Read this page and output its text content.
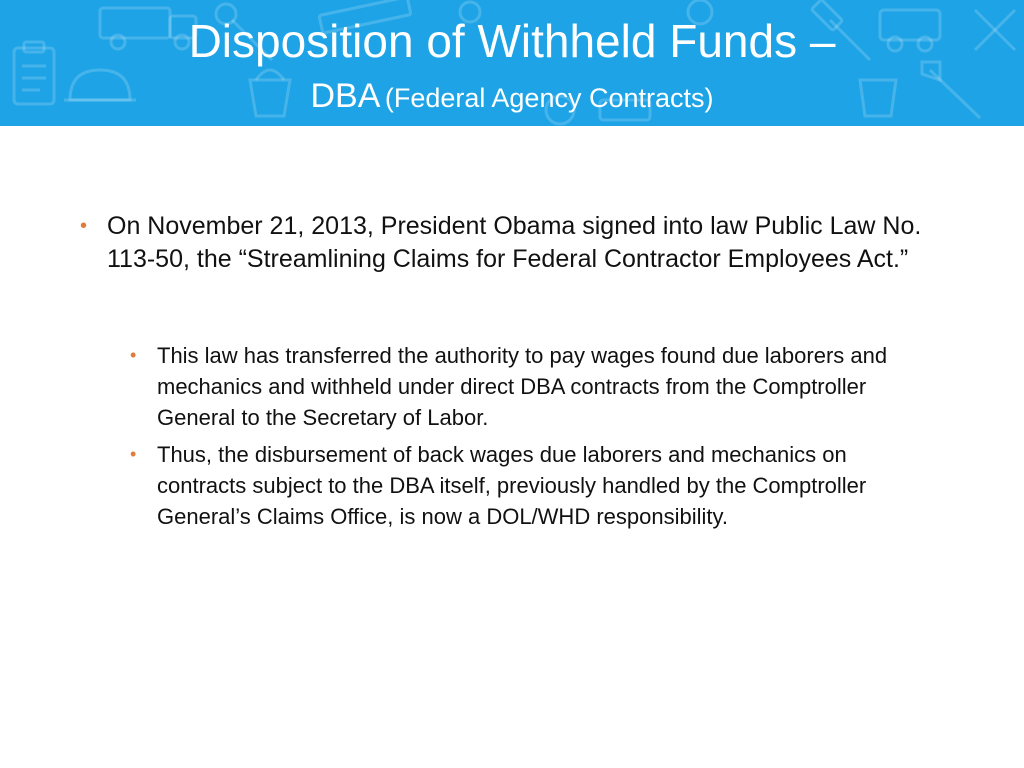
Disposition of Withheld Funds –
DBA (Federal Agency Contracts)
• On November 21, 2013, President Obama signed into law Public Law No. 113-50, the “Streamlining Claims for Federal Contractor Employees Act.”
• This law has transferred the authority to pay wages found due laborers and mechanics and withheld under direct DBA contracts from the Comptroller General to the Secretary of Labor.
• Thus, the disbursement of back wages due laborers and mechanics on contracts subject to the DBA itself, previously handled by the Comptroller General’s Claims Office, is now a DOL/WHD responsibility.
